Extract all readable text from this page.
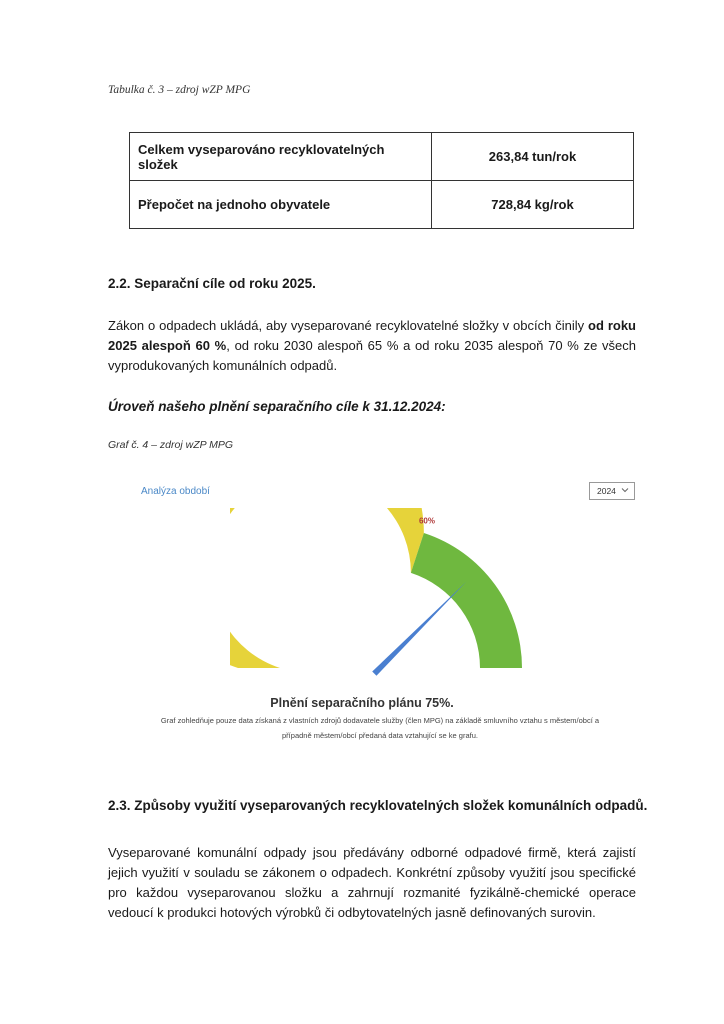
Tabulka č. 3 – zdroj wZP MPG
Celkem vyseparováno recyklovatelných složek	263,84 tun/rok
Přepočet na jednoho obyvatele	728,84 kg/rok
2.2. Separační cíle od roku 2025.
Zákon o odpadech ukládá, aby vyseparované recyklovatelné složky v obcích činily od roku 2025 alespoň 60 %, od roku 2030 alespoň 65 % a od roku 2035 alespoň 70 % ze všech vyprodukovaných komunálních odpadů.
Úroveň našeho plnění separačního cíle k 31.12.2024:
Graf č. 4 – zdroj wZP MPG
Analýza období	2024
60%
Plnění separačního plánu 75%.
Graf zohledňuje pouze data získaná z vlastních zdrojů dodavatele služby (člen MPG) na základě smluvního vztahu s městem/obcí a případně městem/obcí předaná data vztahující se ke grafu.
2.3. Způsoby využití vyseparovaných recyklovatelných složek komunálních odpadů.
Vyseparované komunální odpady jsou předávány odborné odpadové firmě, která zajistí jejich využití v souladu se zákonem o odpadech. Konkrétní způsoby využití jsou specifické pro každou vyseparovanou složku a zahrnují rozmanité fyzikálně-chemické operace vedoucí k produkci hotových výrobků či odbytovatelných jasně definovaných surovin.
